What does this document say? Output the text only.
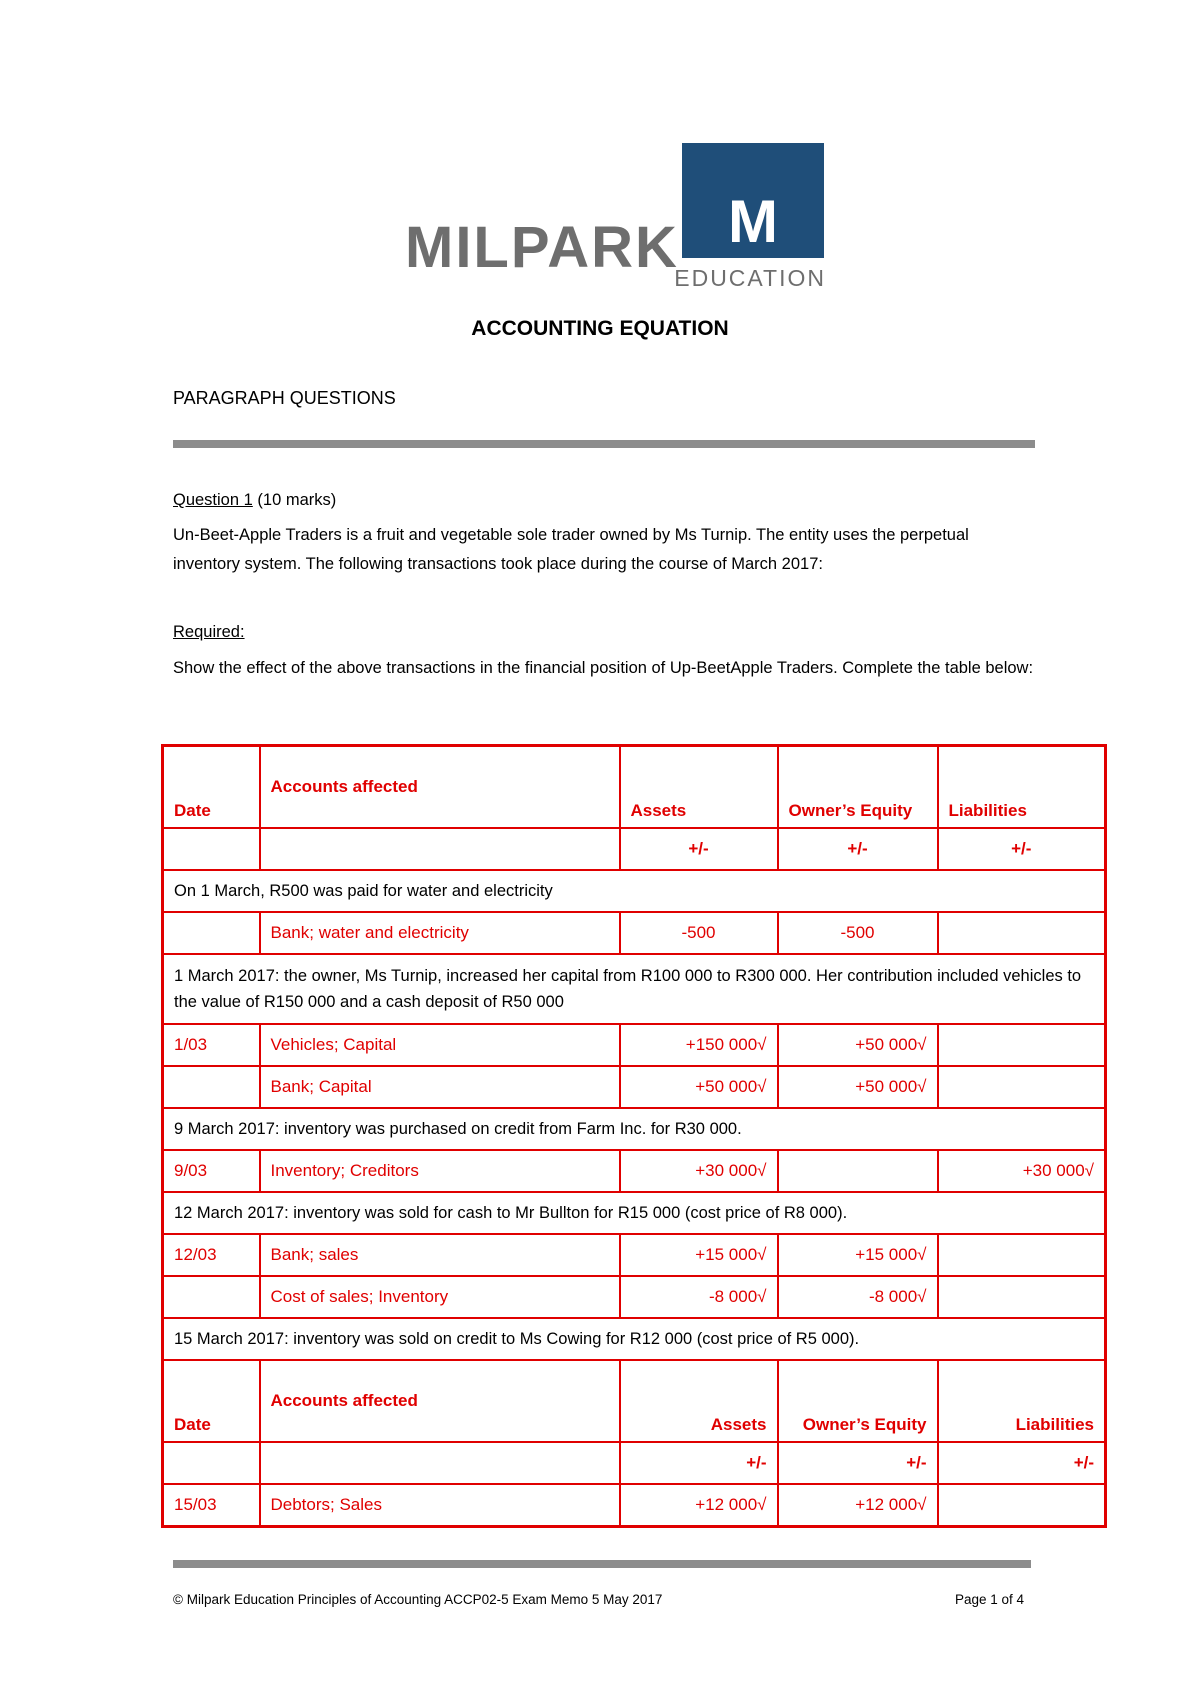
MILPARK M
EDUCATION
ACCOUNTING EQUATION
PARAGRAPH QUESTIONS
Question 1 (10 marks)
Un-Beet-Apple Traders is a fruit and vegetable sole trader owned by Ms Turnip. The entity uses the perpetual inventory system. The following transactions took place during the course of March 2017:
Required:
Show the effect of the above transactions in the financial position of Up-BeetApple Traders. Complete the table below:
Date	Accounts affected	Assets	Owner’s Equity	Liabilities
		+/-	+/-	+/-
On 1 March, R500 was paid for water and electricity				
	Bank; water and electricity	-500	-500	
1 March 2017: the owner, Ms Turnip, increased her capital from R100 000 to R300 000. Her contribution included vehicles to the value of R150 000 and a cash deposit of R50 000				
1/03	Vehicles; Capital	+150 000√	+50 000√	
	Bank; Capital	+50 000√	+50 000√	
9 March 2017: inventory was purchased on credit from Farm Inc. for R30 000.				
9/03	Inventory; Creditors	+30 000√		+30 000√
12 March 2017: inventory was sold for cash to Mr Bullton for R15 000 (cost price of R8 000).				
12/03	Bank; sales	+15 000√	+15 000√	
	Cost of sales; Inventory	-8 000√	-8 000√	
15 March 2017: inventory was sold on credit to Ms Cowing for R12 000 (cost price of R5 000).				
Date	Accounts affected	Assets	Owner’s Equity	Liabilities
		+/-	+/-	+/-
15/03	Debtors; Sales	+12 000√	+12 000√	
© Milpark Education Principles of Accounting ACCP02-5 Exam Memo 5 May 2017	Page 1 of 4
